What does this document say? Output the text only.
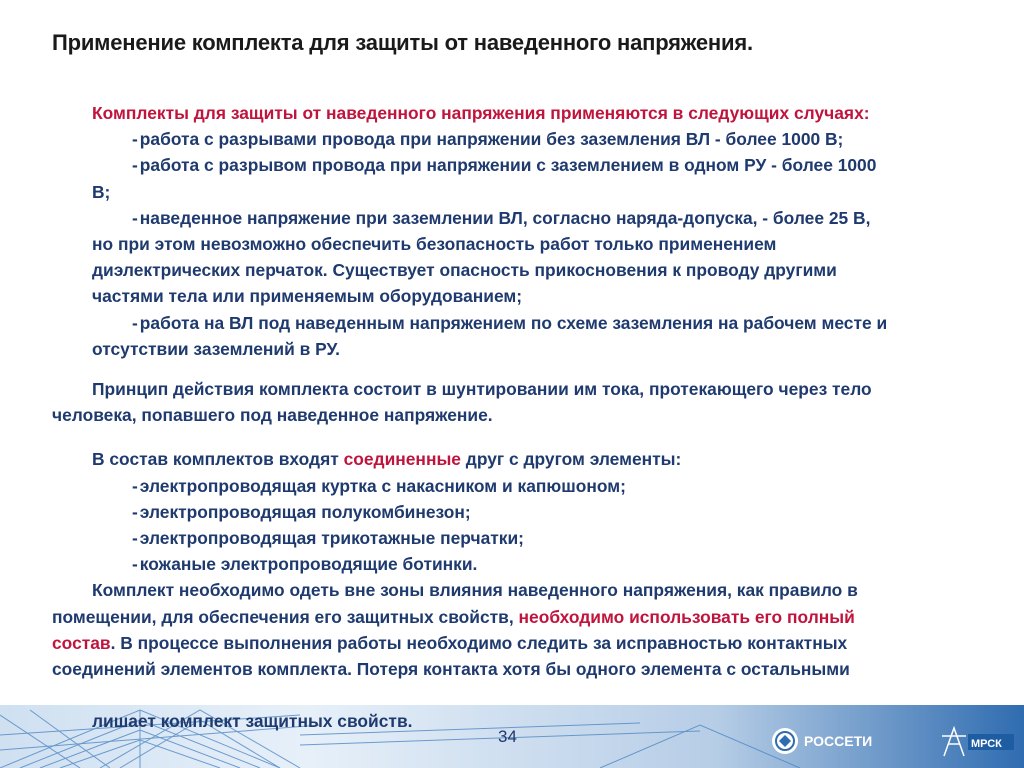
Применение комплекта для защиты от наведенного напряжения.

Комплекты для защиты от наведенного напряжения применяются в следующих случаях:

- работа с разрывами провода при напряжении без заземления ВЛ - более 1000 В;

- работа с разрывом провода при напряжении с заземлением в одном РУ - более 1000

В;

- наведенное напряжение при заземлении ВЛ, согласно наряда-допуска, - более 25 В,

но при этом невозможно обеспечить безопасность работ только применением

диэлектрических перчаток. Существует опасность прикосновения к проводу другими

частями тела или применяемым оборудованием;

- работа на ВЛ под наведенным напряжением по схеме заземления на рабочем месте и

отсутствии заземлений в РУ.

Принцип действия комплекта состоит в шунтировании им тока, протекающего через тело

человека, попавшего под наведенное напряжение.

В состав комплектов входят соединенные друг с другом элементы:

- электропроводящая куртка с накасником и капюшоном;

- электропроводящая полукомбинезон;

- электропроводящая трикотажные перчатки;

- кожаные электропроводящие ботинки.

Комплект необходимо одеть вне зоны влияния наведенного напряжения, как правило в

помещении, для обеспечения его защитных свойств, необходимо использовать его полный

состав. В процессе выполнения работы необходимо следить за исправностью контактных

соединений элементов комплекта. Потеря контакта хотя бы одного элемента с остальными

лишает комплект защитных свойств.
34	РОССЕТИ	МРСК
